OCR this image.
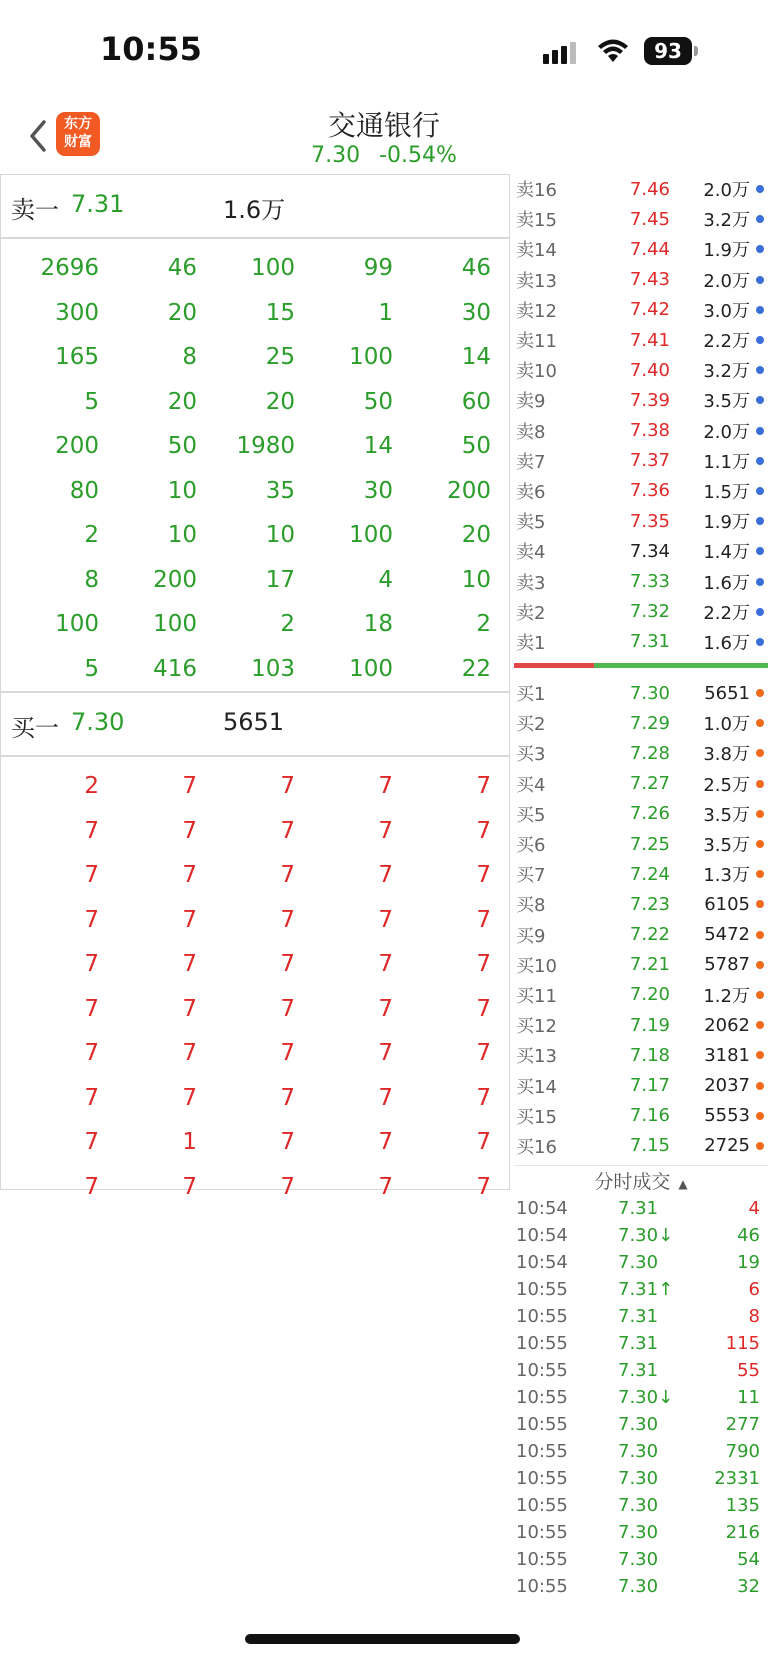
10:55	93
东方
财富	交通银行
7.30 -0.54%
卖一 7.31	1.6万
2696	46	100	99	46
300	20	15	1	30
165	8	25	100	14
5	20	20	50	60
200	50	1980	14	50
80	10	35	30	200
2	10	10	100	20
8	200	17	4	10
100	100	2	18	2
5	416	103	100	22
买一 7.30	5651
2	7	7	7	7
7	7	7	7	7
7	7	7	7	7
7	7	7	7	7
7	7	7	7	7
7	7	7	7	7
7	7	7	7	7
7	7	7	7	7
7	1	7	7	7
7	7	7	7	7
卖16	7.46 2.0万
卖15	7.45 3.2万
卖14	7.44 1.9万
卖13	7.43 2.0万
卖12	7.42 3.0万
卖11	7.41 2.2万
卖10	7.40 3.2万
卖9	7.39 3.5万
卖8	7.38 2.0万
卖7	7.37 1.1万
卖6	7.36 1.5万
卖5	7.35 1.9万
卖4	7.34 1.4万
卖3	7.33 1.6万
卖2	7.32 2.2万
卖1	7.31 1.6万
买1	7.30 5651
买2	7.29 1.0万
买3	7.28 3.8万
买4	7.27 2.5万
买5	7.26 3.5万
买6	7.25 3.5万
买7	7.24 1.3万
买8	7.23 6105
买9	7.22 5472
买10	7.21 5787
买11	7.20 1.2万
买12	7.19 2062
买13	7.18 3181
买14	7.17 2037
买15	7.16 5553
买16	7.15 2725
分时成交 ▲
10:54	7.31	4
10:54	7.30↓	46
10:54	7.30	19
10:55	7.31↑	6
10:55	7.31	8
10:55	7.31	115
10:55	7.31	55
10:55	7.30↓	11
10:55	7.30	277
10:55	7.30	790
10:55	7.30	2331
10:55	7.30	135
10:55	7.30	216
10:55	7.30	54
10:55	7.30	32
